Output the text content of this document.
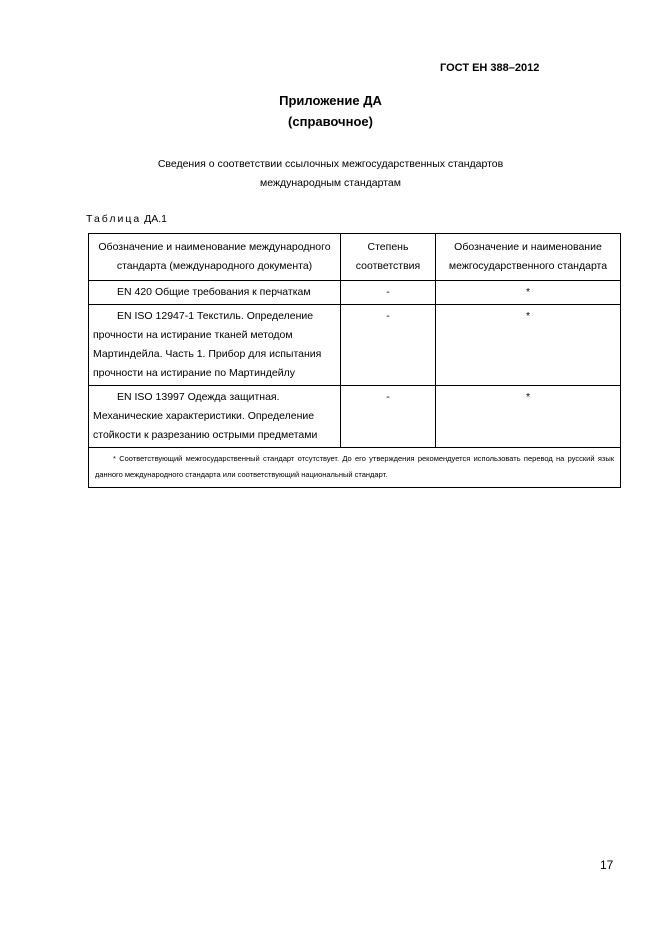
ГОСТ ЕН 388–2012
Приложение ДА
(справочное)
Сведения о соответствии ссылочных межгосударственных стандартов
международным стандартам
Таблица ДА.1
Обозначение и наименование международного стандарта (международного документа)	Степень соответствия	Обозначение и наименование межгосударственного стандарта
EN 420 Общие требования к перчаткам	-	*
EN ISO 12947-1 Текстиль. Определение прочности на истирание тканей методом Мартиндейла. Часть 1. Прибор для испытания прочности на истирание по Мартиндейлу	-	*
EN ISO 13997 Одежда защитная. Механические характеристики. Определение стойкости к разрезанию острыми предметами	-	*
* Соответствующий межгосударственный стандарт отсутствует. До его утверждения рекомендуется использовать перевод на русский язык данного международного стандарта или соответствующий национальный стандарт.		
17
